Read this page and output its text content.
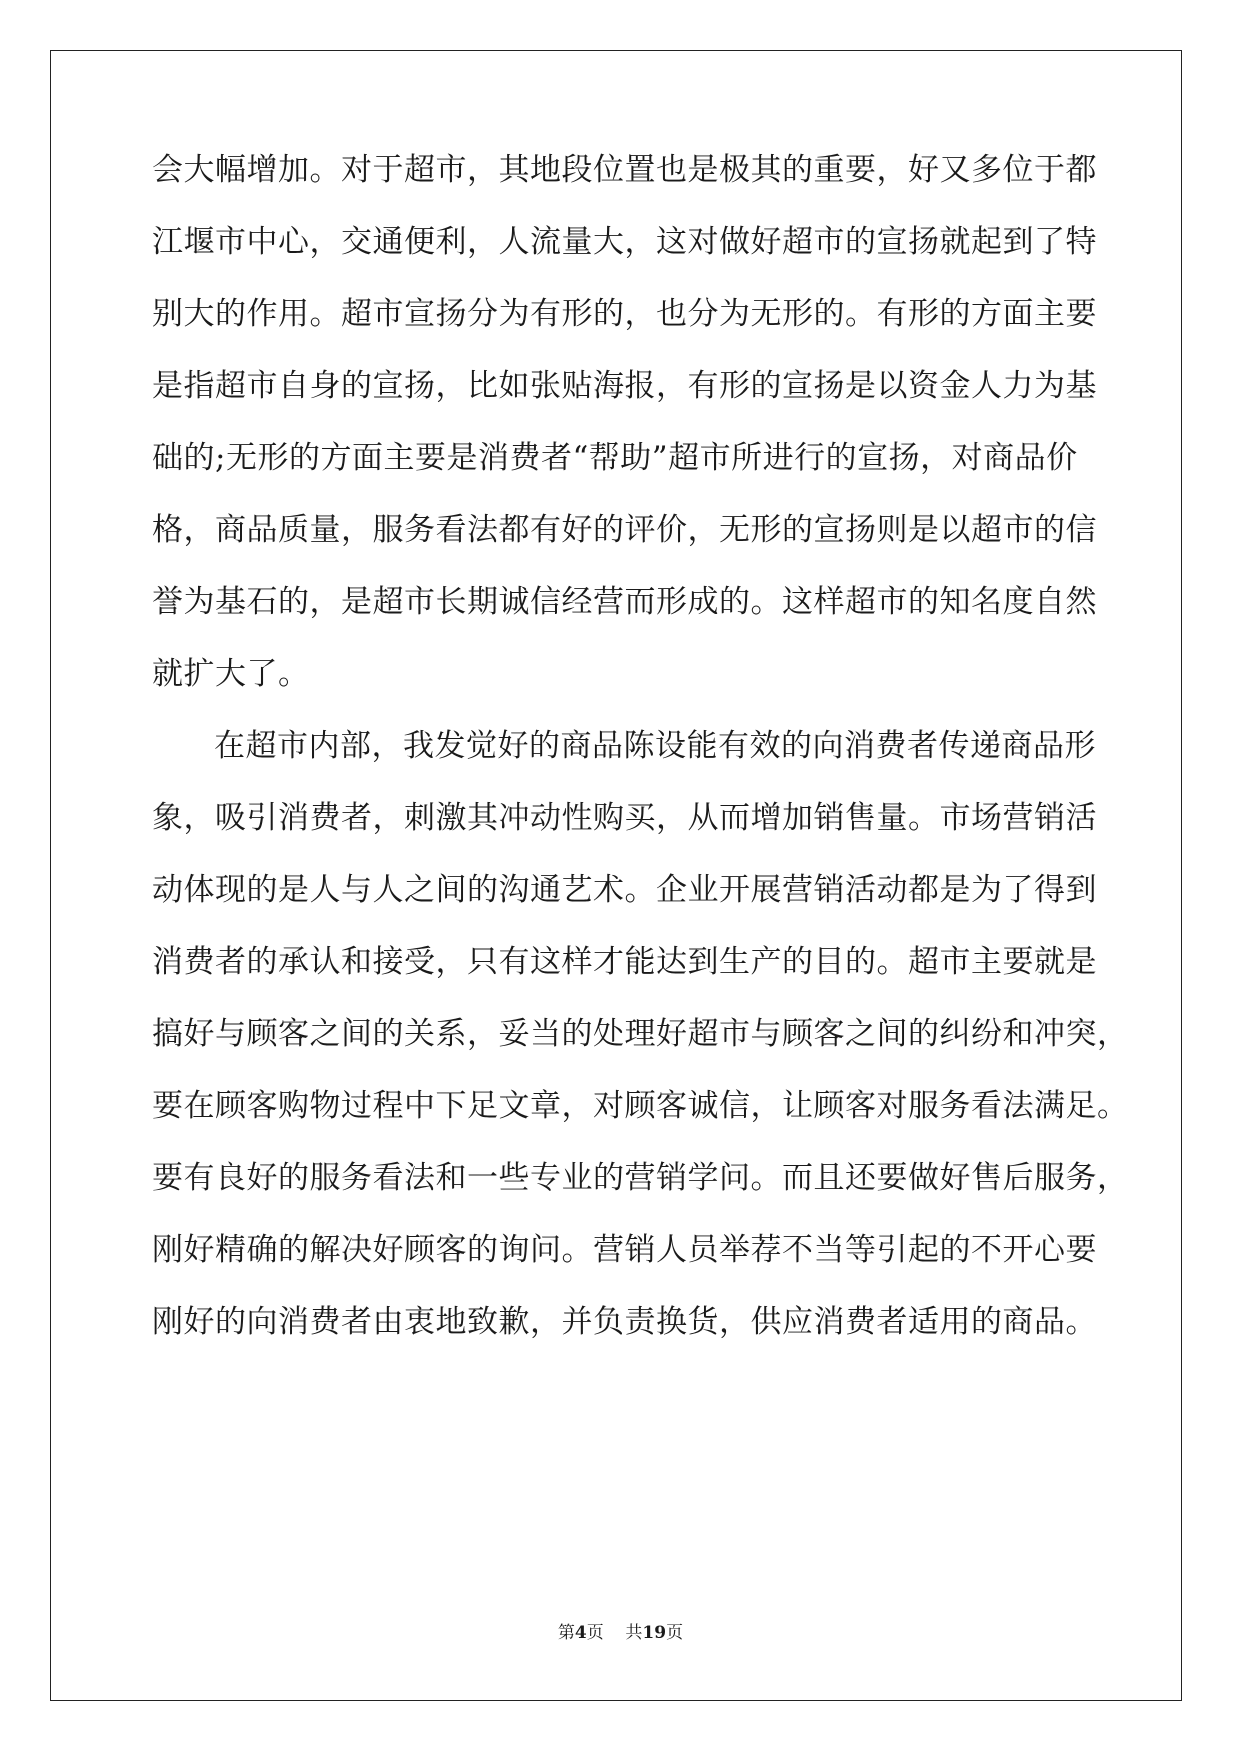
会大幅增加。对于超市，其地段位置也是极其的重要，好又多位于都
江堰市中心，交通便利，人流量大，这对做好超市的宣扬就起到了特
别大的作用。超市宣扬分为有形的，也分为无形的。有形的方面主要
是指超市自身的宣扬，比如张贴海报，有形的宣扬是以资金人力为基
础的;无形的方面主要是消费者“帮助”超市所进行的宣扬，对商品价
格，商品质量，服务看法都有好的评价，无形的宣扬则是以超市的信
誉为基石的，是超市长期诚信经营而形成的。这样超市的知名度自然
就扩大了。
在超市内部，我发觉好的商品陈设能有效的向消费者传递商品形
象，吸引消费者，刺激其冲动性购买，从而增加销售量。市场营销活
动体现的是人与人之间的沟通艺术。企业开展营销活动都是为了得到
消费者的承认和接受，只有这样才能达到生产的目的。超市主要就是
搞好与顾客之间的关系，妥当的处理好超市与顾客之间的纠纷和冲突，
要在顾客购物过程中下足文章，对顾客诚信，让顾客对服务看法满足。
要有良好的服务看法和一些专业的营销学问。而且还要做好售后服务，
刚好精确的解决好顾客的询问。营销人员举荐不当等引起的不开心要
刚好的向消费者由衷地致歉，并负责换货，供应消费者适用的商品。
第4页 共19页
